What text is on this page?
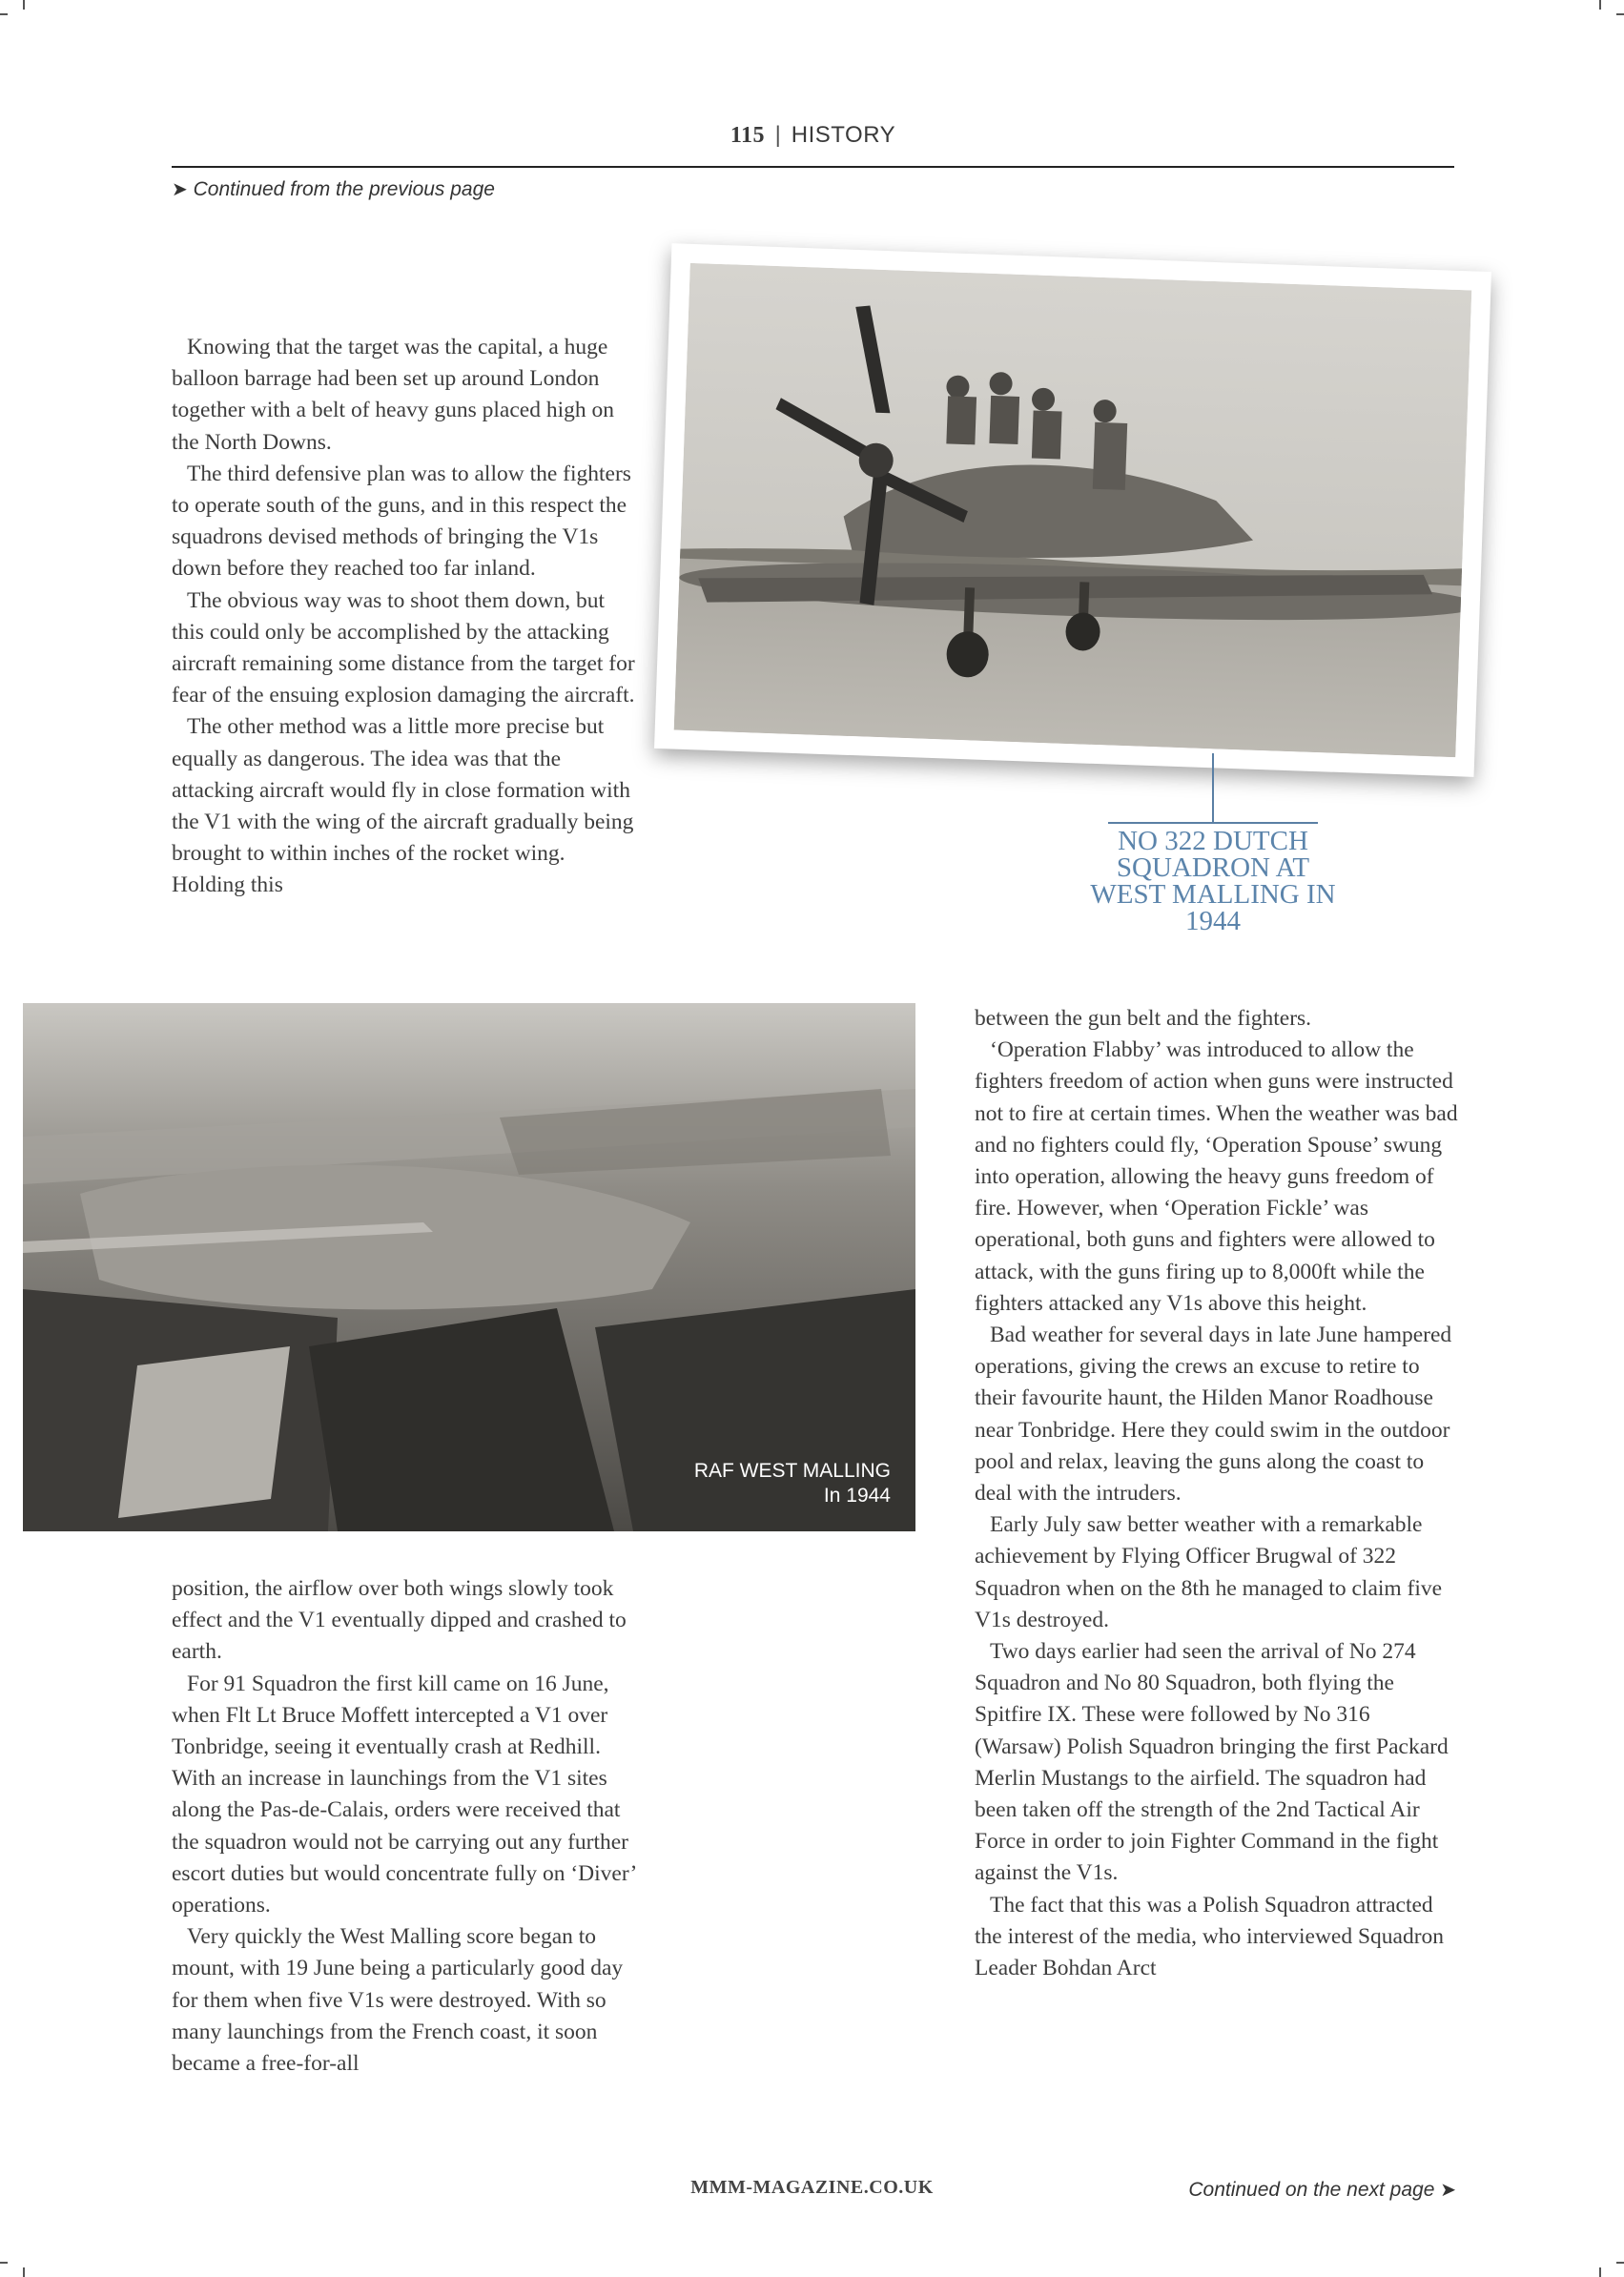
115 | HISTORY
➤ Continued from the previous page

Knowing that the target was the capital, a huge balloon barrage had been set up around London together with a belt of heavy guns placed high on the North Downs.

The third defensive plan was to allow the fighters to operate south of the guns, and in this respect the squadrons devised methods of bringing the V1s down before they reached too far inland.

The obvious way was to shoot them down, but this could only be accomplished by the attacking aircraft remaining some distance from the target for fear of the ensuing explosion damaging the aircraft.

The other method was a little more precise but equally as dangerous. The idea was that the attacking aircraft would fly in close formation with the V1 with the wing of the aircraft gradually being brought to within inches of the rocket wing. Holding this

NO 322 DUTCH SQUADRON AT WEST MALLING IN 1944
RAF WEST MALLING
In 1944

position, the airflow over both wings slowly took effect and the V1 eventually dipped and crashed to earth.

For 91 Squadron the first kill came on 16 June, when Flt Lt Bruce Moffett intercepted a V1 over Tonbridge, seeing it eventually crash at Redhill. With an increase in launchings from the V1 sites along the Pas-de-Calais, orders were received that the squadron would not be carrying out any further escort duties but would concentrate fully on ‘Diver’ operations.

Very quickly the West Malling score began to mount, with 19 June being a particularly good day for them when five V1s were destroyed. With so many launchings from the French coast, it soon became a free-for-all

between the gun belt and the fighters.

‘Operation Flabby’ was introduced to allow the fighters freedom of action when guns were instructed not to fire at certain times. When the weather was bad and no fighters could fly, ‘Operation Spouse’ swung into operation, allowing the heavy guns freedom of fire. However, when ‘Operation Fickle’ was operational, both guns and fighters were allowed to attack, with the guns firing up to 8,000ft while the fighters attacked any V1s above this height.

Bad weather for several days in late June hampered operations, giving the crews an excuse to retire to their favourite haunt, the Hilden Manor Roadhouse near Tonbridge. Here they could swim in the outdoor pool and relax, leaving the guns along the coast to deal with the intruders.

Early July saw better weather with a remarkable achievement by Flying Officer Brugwal of 322 Squadron when on the 8th he managed to claim five V1s destroyed.

Two days earlier had seen the arrival of No 274 Squadron and No 80 Squadron, both flying the Spitfire IX. These were followed by No 316 (Warsaw) Polish Squadron bringing the first Packard Merlin Mustangs to the airfield. The squadron had been taken off the strength of the 2nd Tactical Air Force in order to join Fighter Command in the fight against the V1s.

The fact that this was a Polish Squadron attracted the interest of the media, who interviewed Squadron Leader Bohdan Arct

MMM-MAGAZINE.CO.UK	Continued on the next page ➤
